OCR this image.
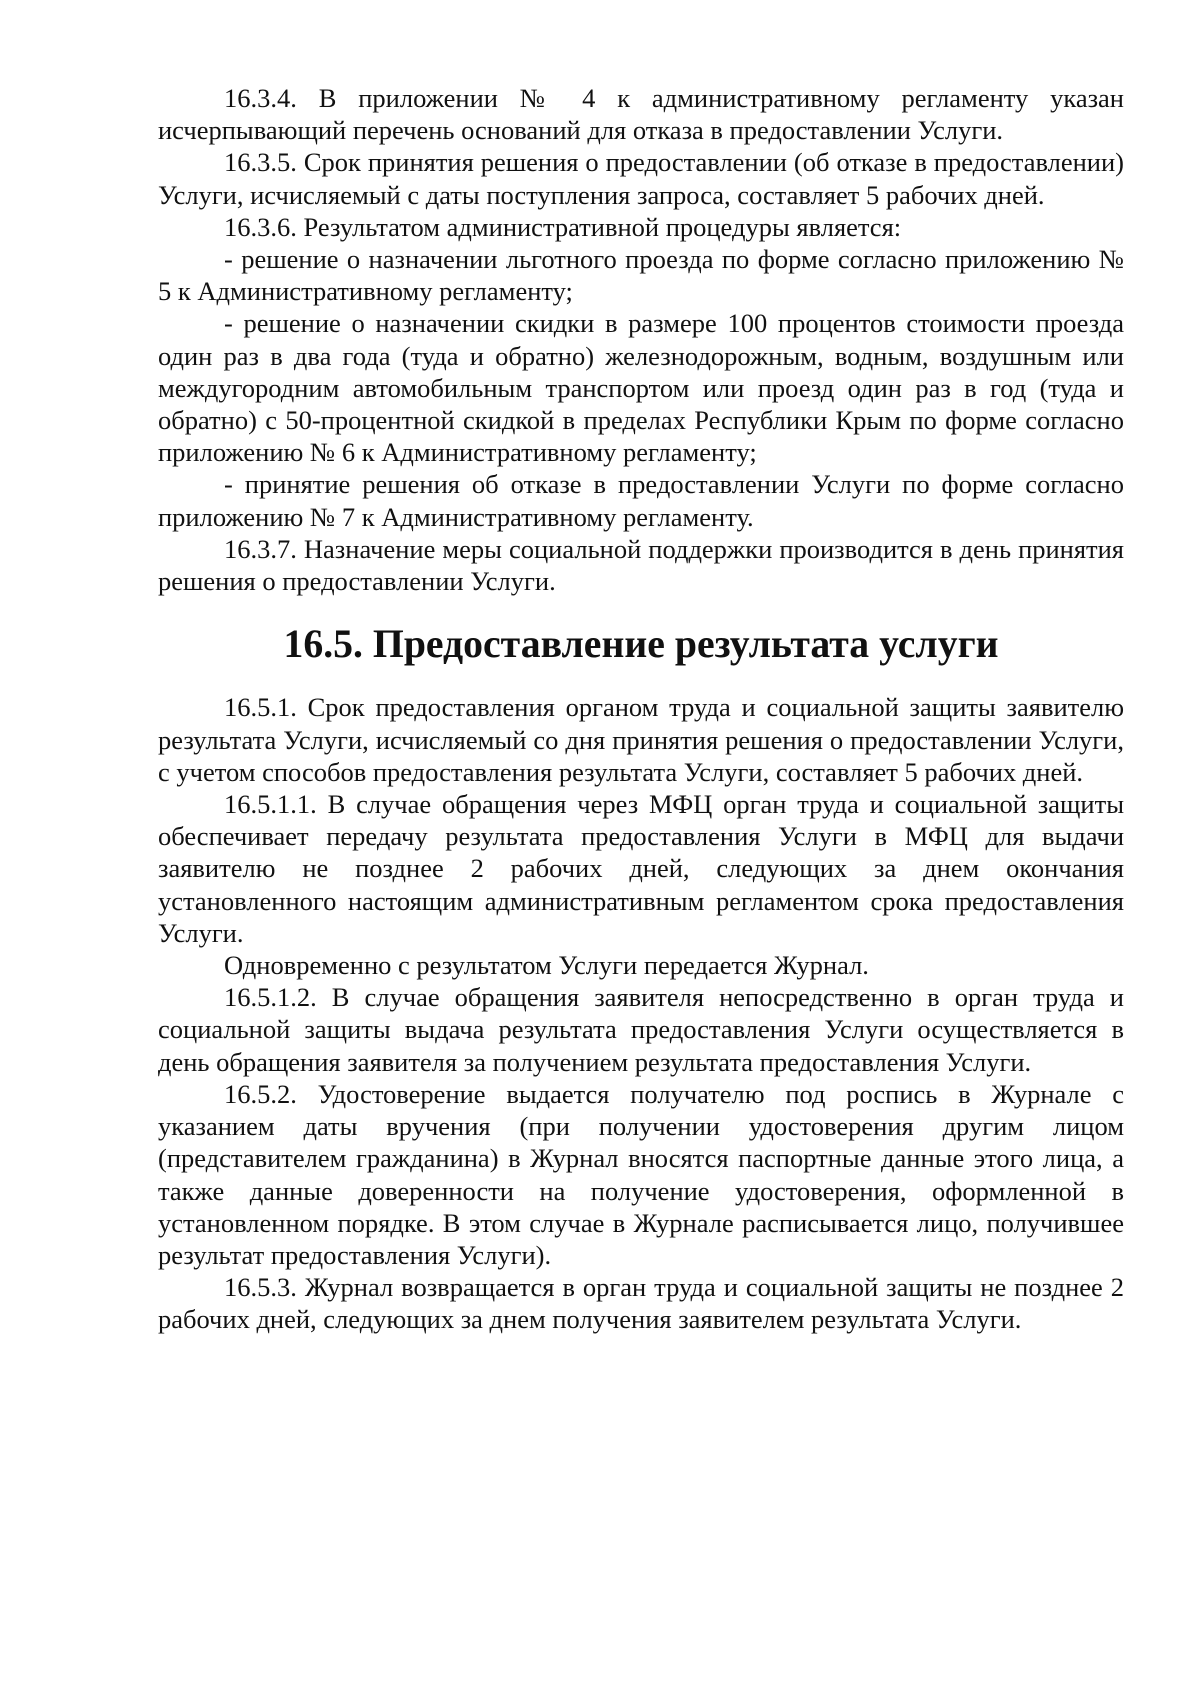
16.3.4. В приложении № 4 к административному регламенту указан исчерпывающий перечень оснований для отказа в предоставлении Услуги.

16.3.5. Срок принятия решения о предоставлении (об отказе в предоставлении) Услуги, исчисляемый с даты поступления запроса, составляет 5 рабочих дней.

16.3.6. Результатом административной процедуры является:

- решение о назначении льготного проезда по форме согласно приложению № 5 к Административному регламенту;

- решение о назначении скидки в размере 100 процентов стоимости проезда один раз в два года (туда и обратно) железнодорожным, водным, воздушным или междугородним автомобильным транспортом или проезд один раз в год (туда и обратно) с 50-процентной скидкой в пределах Республики Крым по форме согласно приложению № 6 к Административному регламенту;

- принятие решения об отказе в предоставлении Услуги по форме согласно приложению № 7 к Административному регламенту.

16.3.7. Назначение меры социальной поддержки производится в день принятия решения о предоставлении Услуги.

16.5. Предоставление результата услуги

16.5.1. Срок предоставления органом труда и социальной защиты заявителю результата Услуги, исчисляемый со дня принятия решения о предоставлении Услуги, с учетом способов предоставления результата Услуги, составляет 5 рабочих дней.

16.5.1.1. В случае обращения через МФЦ орган труда и социальной защиты обеспечивает передачу результата предоставления Услуги в МФЦ для выдачи заявителю не позднее 2 рабочих дней, следующих за днем окончания установленного настоящим административным регламентом срока предоставления Услуги.

Одновременно с результатом Услуги передается Журнал.

16.5.1.2. В случае обращения заявителя непосредственно в орган труда и социальной защиты выдача результата предоставления Услуги осуществляется в день обращения заявителя за получением результата предоставления Услуги.

16.5.2. Удостоверение выдается получателю под роспись в Журнале с указанием даты вручения (при получении удостоверения другим лицом (представителем гражданина) в Журнал вносятся паспортные данные этого лица, а также данные доверенности на получение удостоверения, оформленной в установленном порядке. В этом случае в Журнале расписывается лицо, получившее результат предоставления Услуги).

16.5.3. Журнал возвращается в орган труда и социальной защиты не позднее 2 рабочих дней, следующих за днем получения заявителем результата Услуги.
